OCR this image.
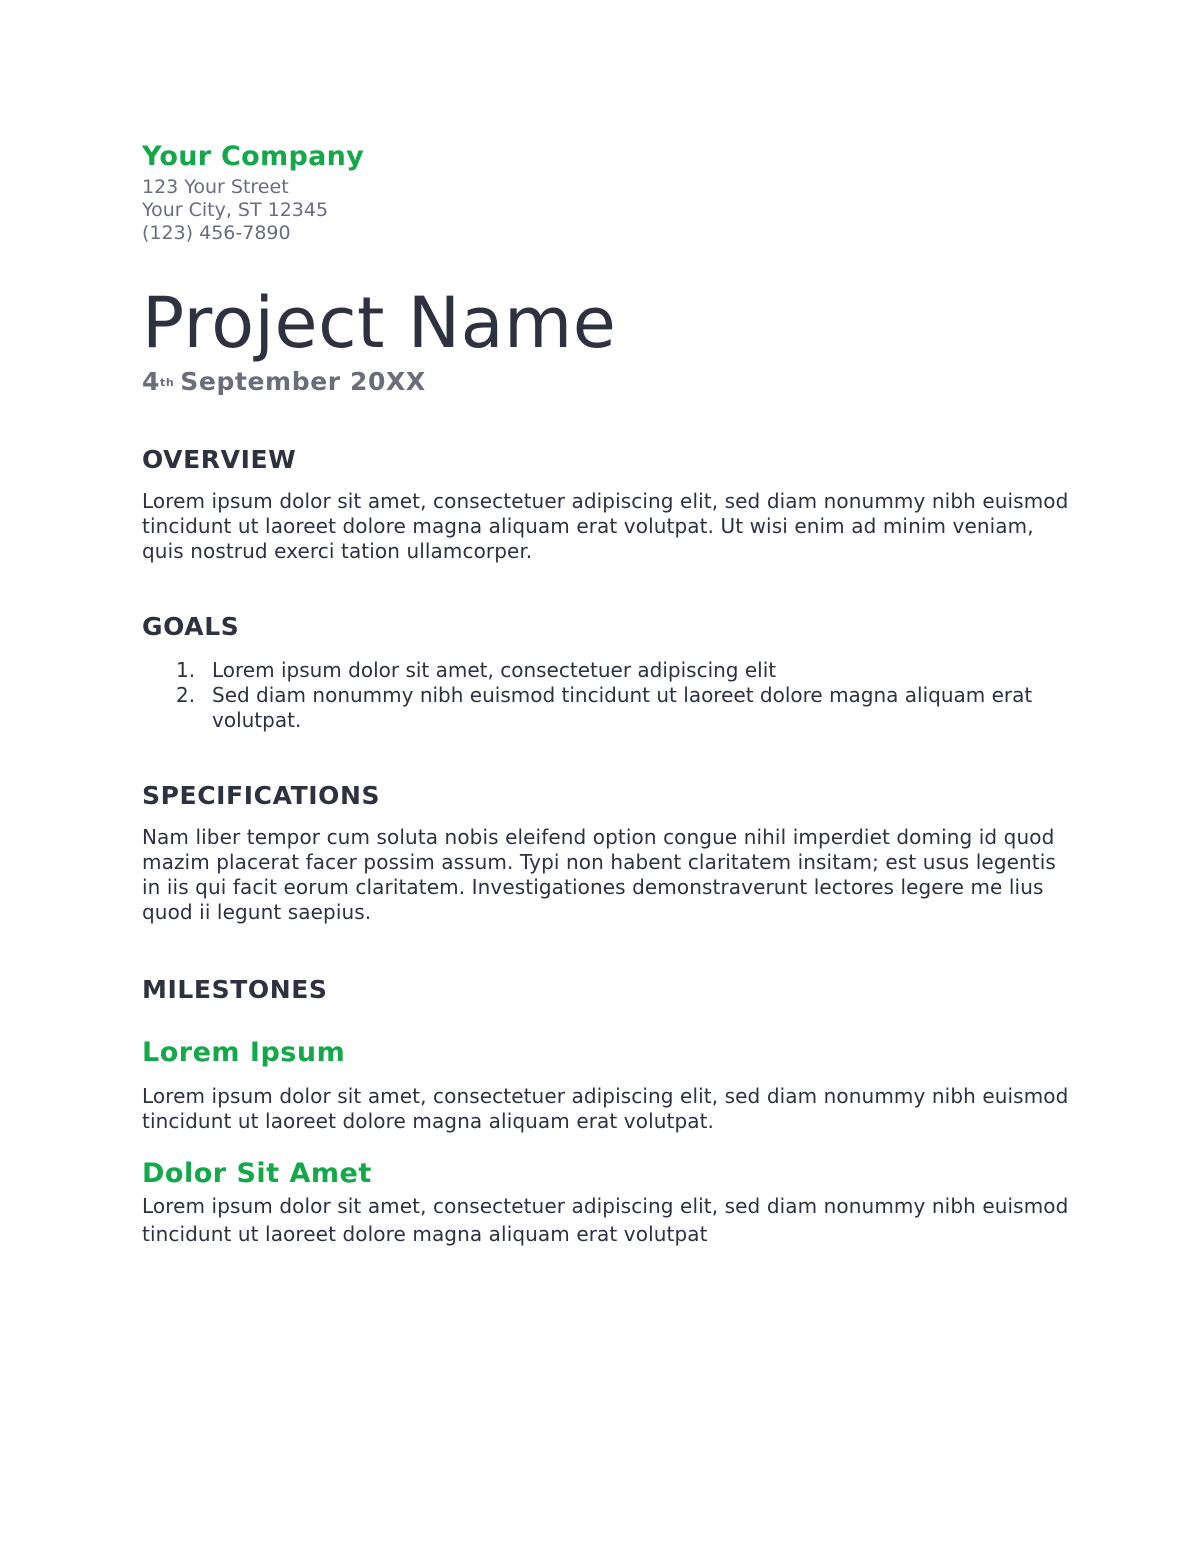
Your Company

123 Your Street

Your City, ST 12345

(123) 456-7890

Project Name

4th September 20XX

OVERVIEW

Lorem ipsum dolor sit amet, consectetuer adipiscing elit, sed diam nonummy nibh euismod tincidunt ut laoreet dolore magna aliquam erat volutpat. Ut wisi enim ad minim veniam, quis nostrud exerci tation ullamcorper.

GOALS
1. Lorem ipsum dolor sit amet, consectetuer adipiscing elit
2. Sed diam nonummy nibh euismod tincidunt ut laoreet dolore magna aliquam erat volutpat.
SPECIFICATIONS

Nam liber tempor cum soluta nobis eleifend option congue nihil imperdiet doming id quod mazim placerat facer possim assum. Typi non habent claritatem insitam; est usus legentis in iis qui facit eorum claritatem. Investigationes demonstraverunt lectores legere me lius quod ii legunt saepius.

MILESTONES
Lorem Ipsum

Lorem ipsum dolor sit amet, consectetuer adipiscing elit, sed diam nonummy nibh euismod tincidunt ut laoreet dolore magna aliquam erat volutpat.

Dolor Sit Amet

Lorem ipsum dolor sit amet, consectetuer adipiscing elit, sed diam nonummy nibh euismod tincidunt ut laoreet dolore magna aliquam erat volutpat
